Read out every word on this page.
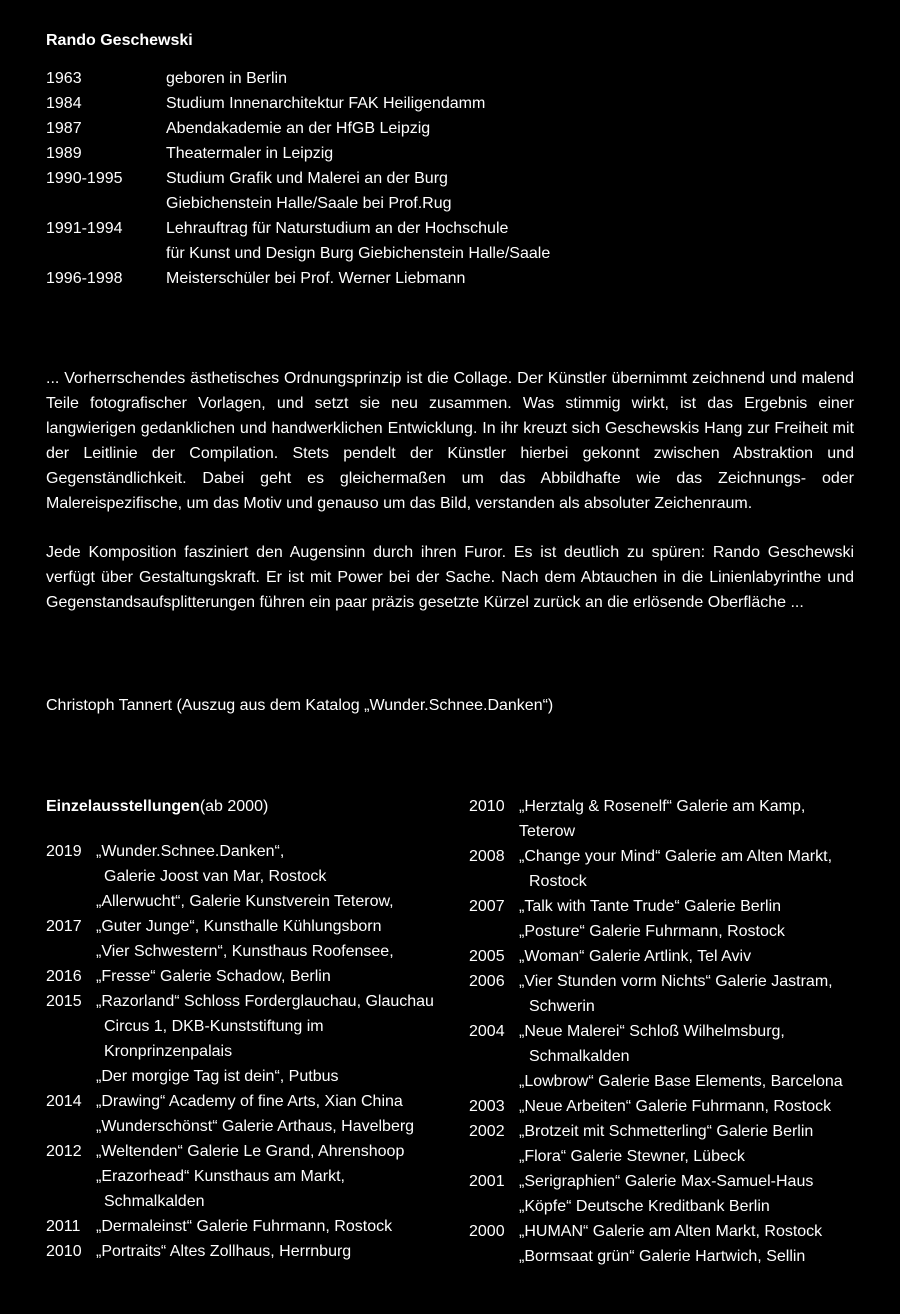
Rando Geschewski
1963	geboren in Berlin
1984	Studium Innenarchitektur FAK Heiligendamm
1987	Abendakademie an der HfGB Leipzig
1989	Theatermaler in Leipzig
1990-1995	Studium Grafik und Malerei an der Burg
Giebichenstein Halle/Saale bei Prof.Rug
1991-1994	Lehrauftrag für Naturstudium an der Hochschule
für Kunst und Design Burg Giebichenstein Halle/Saale
1996-1998	Meisterschüler bei Prof. Werner Liebmann

... Vorherrschendes ästhetisches Ordnungsprinzip ist die Collage. Der Künstler übernimmt zeichnend und malend Teile fotografischer Vorlagen, und setzt sie neu zusammen. Was stimmig wirkt, ist das Ergebnis einer langwierigen gedanklichen und handwerklichen Entwicklung. In ihr kreuzt sich Geschewskis Hang zur Freiheit mit der Leitlinie der Compilation. Stets pendelt der Künstler hierbei gekonnt zwischen Abstraktion und Gegenständlichkeit. Dabei geht es gleichermaßen um das Abbildhafte wie das Zeichnungs- oder Malereispezifische, um das Motiv und genauso um das Bild, verstanden als absoluter Zeichenraum.

Jede Komposition fasziniert den Augensinn durch ihren Furor. Es ist deutlich zu spüren: Rando Geschewski verfügt über Gestaltungskraft. Er ist mit Power bei der Sache. Nach dem Abtauchen in die Linienlabyrinthe und Gegenstandsaufsplitterungen führen ein paar präzis gesetzte Kürzel zurück an die erlösende Oberfläche ...

Christoph Tannert (Auszug aus dem Katalog „Wunder.Schnee.Danken“)

Einzelausstellungen(ab 2000)
2019 „Wunder.Schnee.Danken“,
Galerie Joost van Mar, Rostock
„Allerwucht“, Galerie Kunstverein Teterow,
2017 „Guter Junge“, Kunsthalle Kühlungsborn
„Vier Schwestern“, Kunsthaus Roofensee,
2016 „Fresse“ Galerie Schadow, Berlin
2015 „Razorland“ Schloss Forderglauchau, Glauchau
Circus 1, DKB-Kunststiftung im
Kronprinzenpalais
„Der morgige Tag ist dein“, Putbus
2014 „Drawing“ Academy of fine Arts, Xian China
„Wunderschönst“ Galerie Arthaus, Havelberg
2012 „Weltenden“ Galerie Le Grand, Ahrenshoop
„Erazorhead“ Kunsthaus am Markt,
Schmalkalden
2011 „Dermaleinst“ Galerie Fuhrmann, Rostock
2010 „Portraits“ Altes Zollhaus, Herrnburg
2010 „Herztalg & Rosenelf“ Galerie am Kamp,
Teterow
2008 „Change your Mind“ Galerie am Alten Markt,
Rostock
2007 „Talk with Tante Trude“ Galerie Berlin
„Posture“ Galerie Fuhrmann, Rostock
2005 „Woman“ Galerie Artlink, Tel Aviv
2006 „Vier Stunden vorm Nichts“ Galerie Jastram,
Schwerin
2004 „Neue Malerei“ Schloß Wilhelmsburg,
Schmalkalden
„Lowbrow“ Galerie Base Elements, Barcelona
2003 „Neue Arbeiten“ Galerie Fuhrmann, Rostock
2002 „Brotzeit mit Schmetterling“ Galerie Berlin
„Flora“ Galerie Stewner, Lübeck
2001 „Serigraphien“ Galerie Max-Samuel-Haus
„Köpfe“ Deutsche Kreditbank Berlin
2000 „HUMAN“ Galerie am Alten Markt, Rostock
„Bormsaat grün“ Galerie Hartwich, Sellin
